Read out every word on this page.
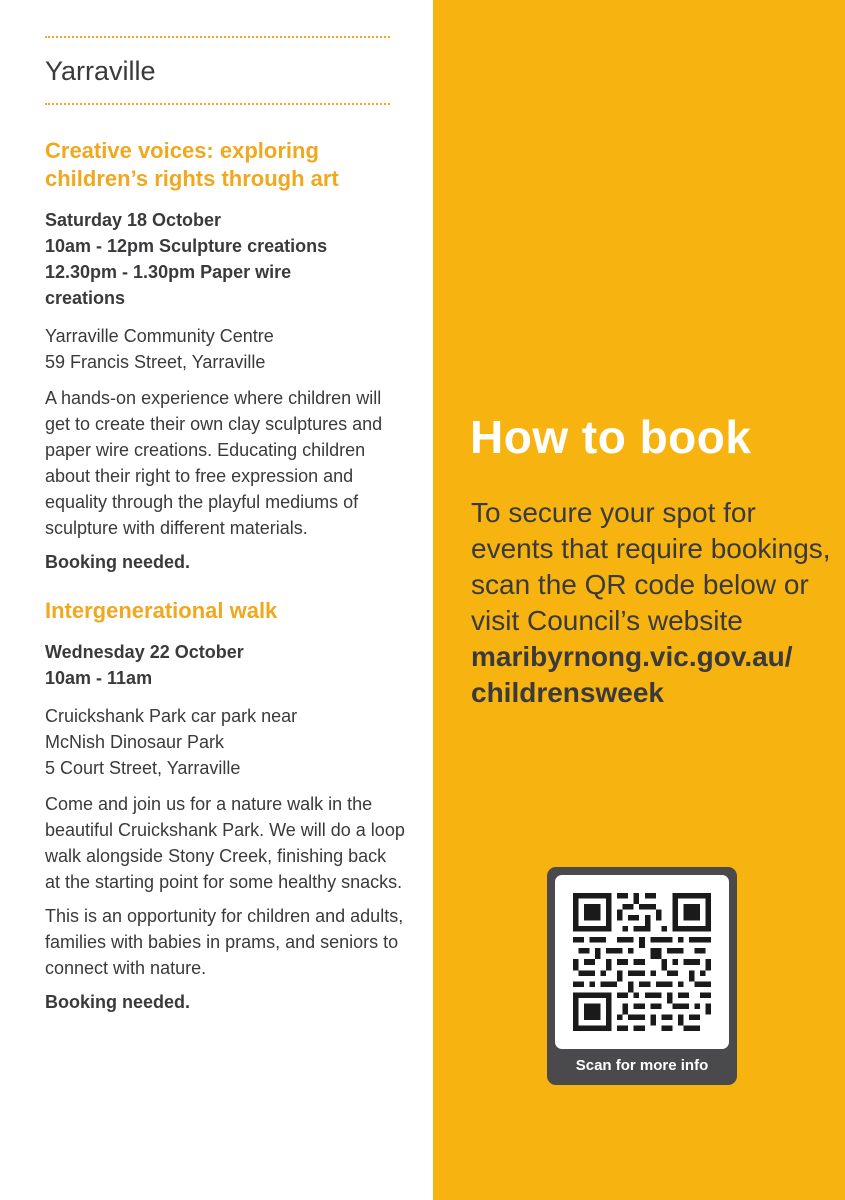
Yarraville
Creative voices: exploring
children’s rights through art

Saturday 18 October
10am - 12pm Sculpture creations
12.30pm - 1.30pm Paper wire
creations

Yarraville Community Centre
59 Francis Street, Yarraville

A hands-on experience where children will get to create their own clay sculptures and paper wire creations. Educating children about their right to free expression and equality through the playful mediums of sculpture with different materials.

Booking needed.

Intergenerational walk

Wednesday 22 October
10am - 11am

Cruickshank Park car park near
McNish Dinosaur Park
5 Court Street, Yarraville

Come and join us for a nature walk in the beautiful Cruickshank Park. We will do a loop walk alongside Stony Creek, finishing back at the starting point for some healthy snacks.

This is an opportunity for children and adults, families with babies in prams, and seniors to connect with nature.

Booking needed.

How to book

To secure your spot for events that require bookings, scan the QR code below or visit Council’s website
maribyrnong.vic.gov.au/
childrensweek

Scan for more info
